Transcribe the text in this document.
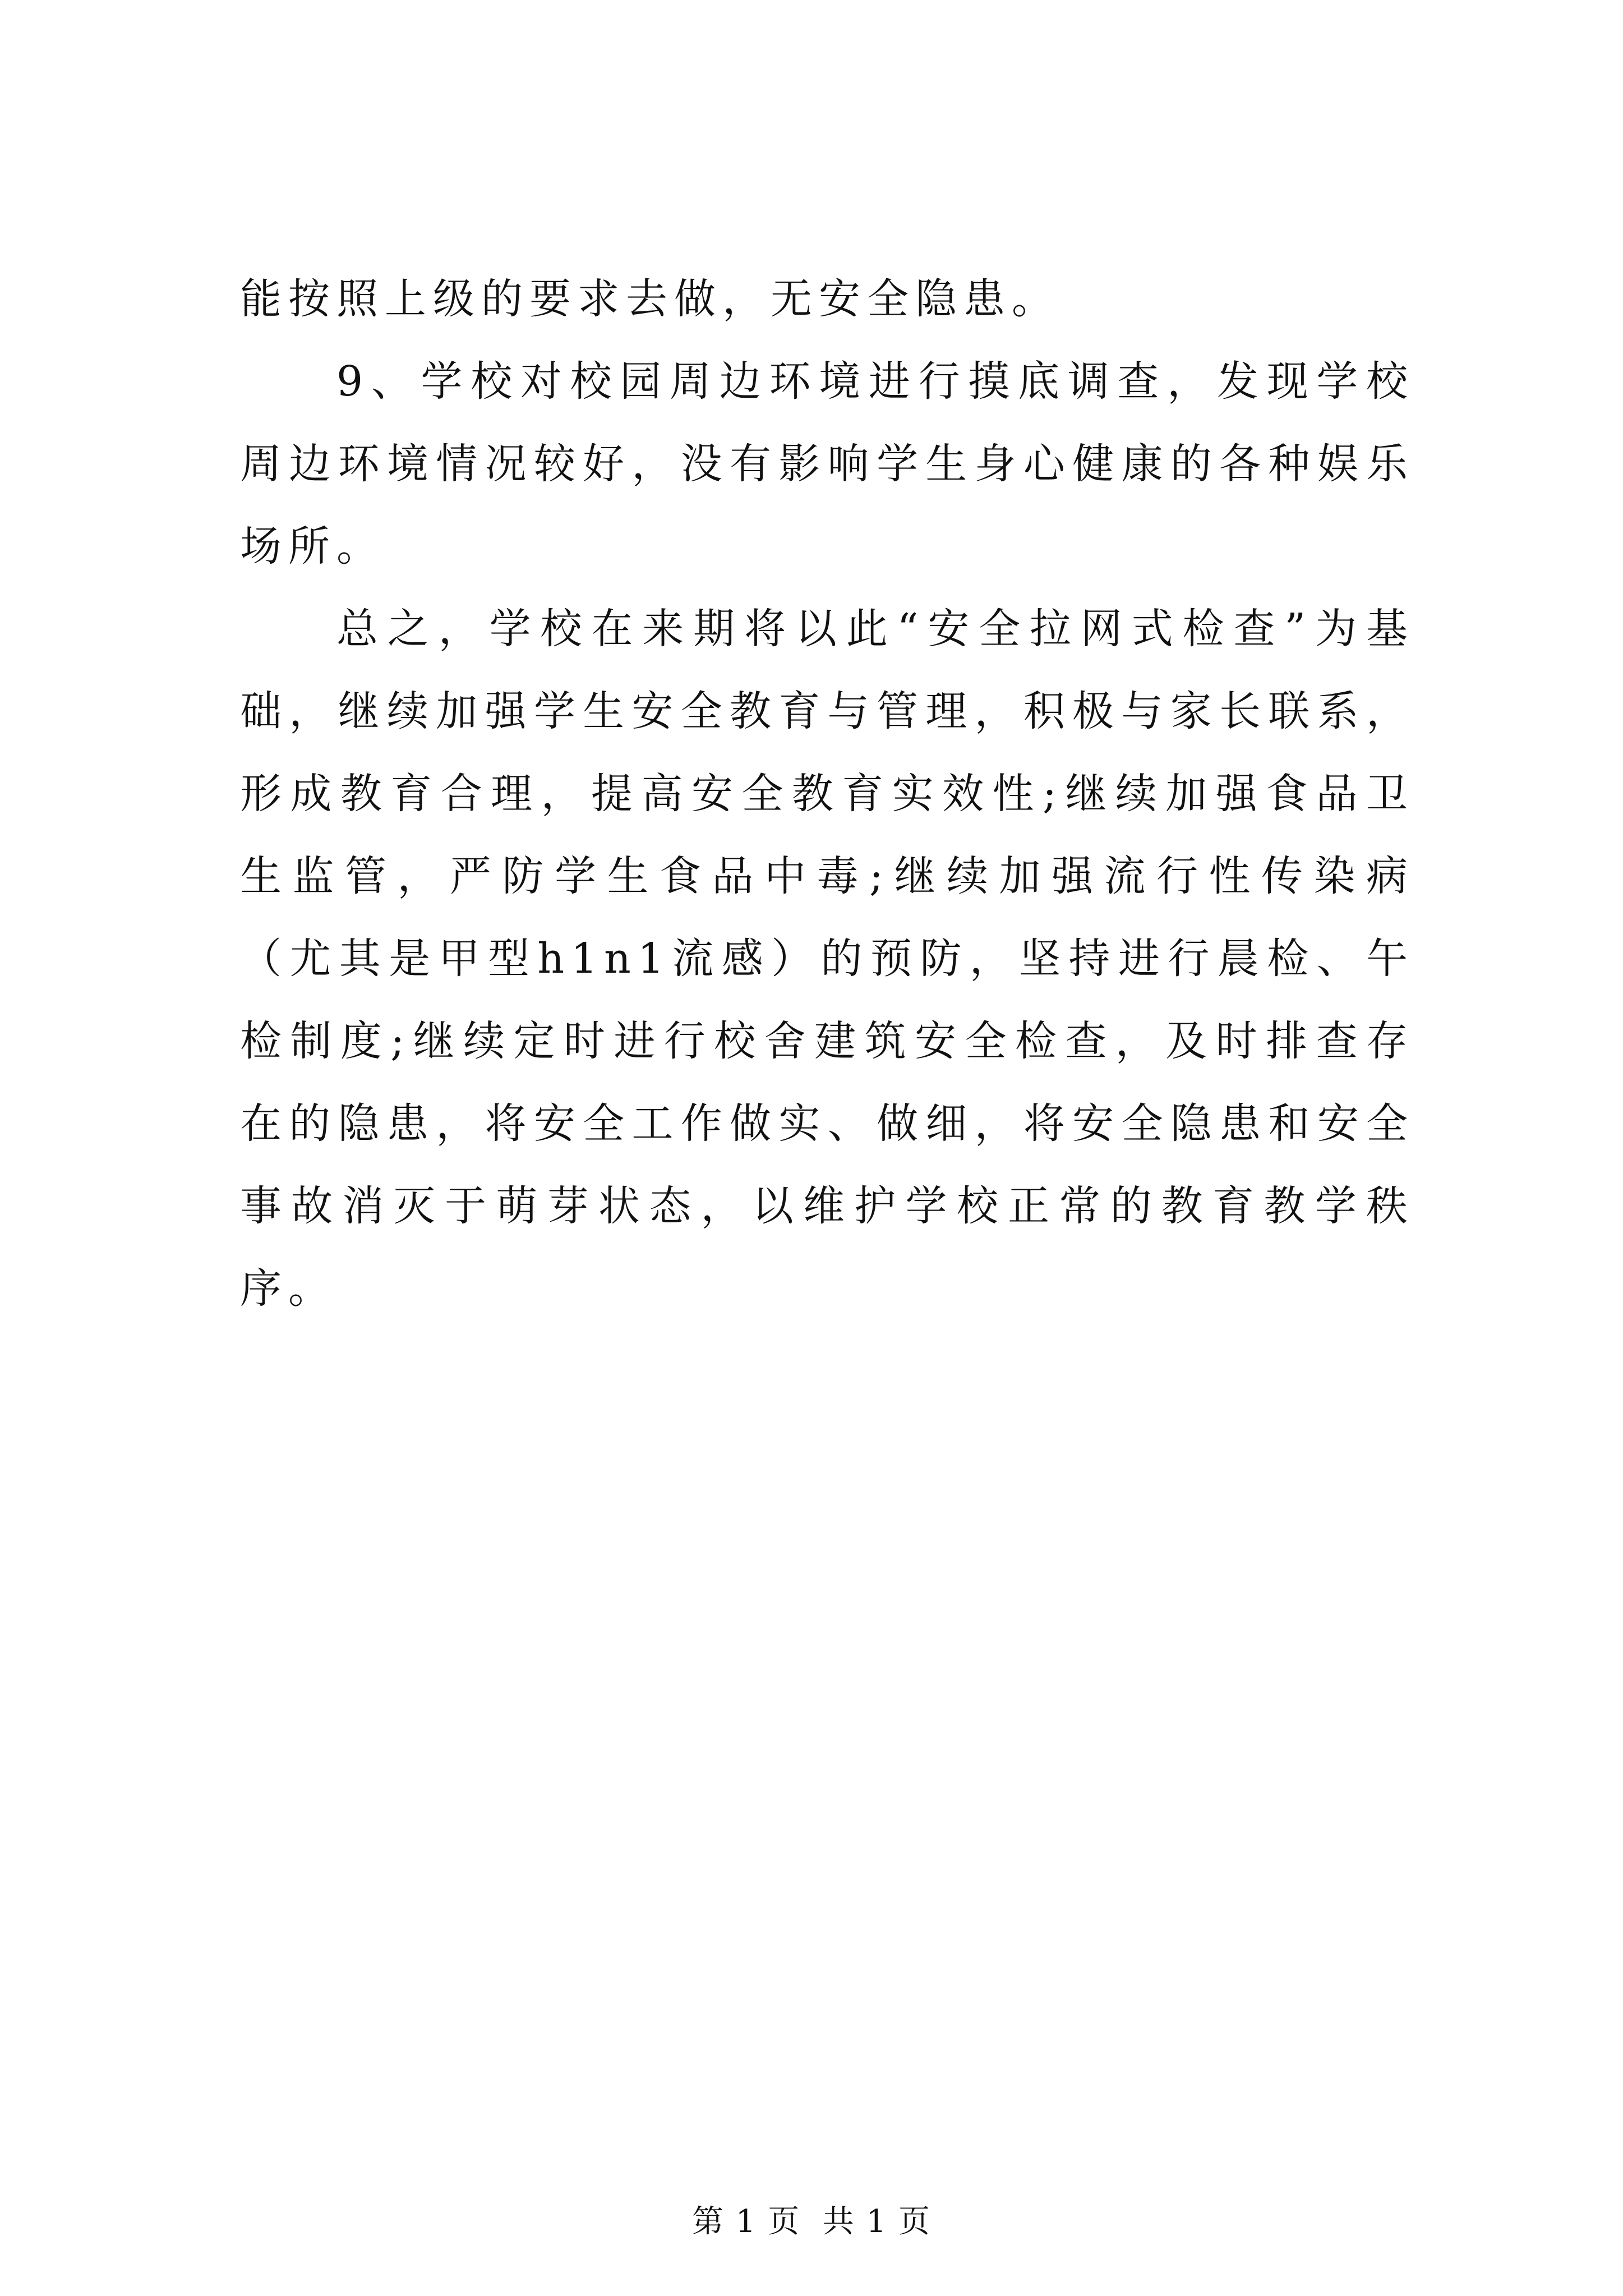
能按照上级的要求去做，无安全隐患。

9、学校对校园周边环境进行摸底调查，发现学校周边环境情况较好，没有影响学生身心健康的各种娱乐场所。

总之，学校在来期将以此“安全拉网式检查”为基础，继续加强学生安全教育与管理，积极与家长联系，形成教育合理，提高安全教育实效性;继续加强食品卫生监管，严防学生食品中毒;继续加强流行性传染病（尤其是甲型h1n1流感）的预防，坚持进行晨检、午检制度;继续定时进行校舍建筑安全检查，及时排查存在的隐患，将安全工作做实、做细，将安全隐患和安全事故消灭于萌芽状态，以维护学校正常的教育教学秩序。

第 1 页  共 1 页
